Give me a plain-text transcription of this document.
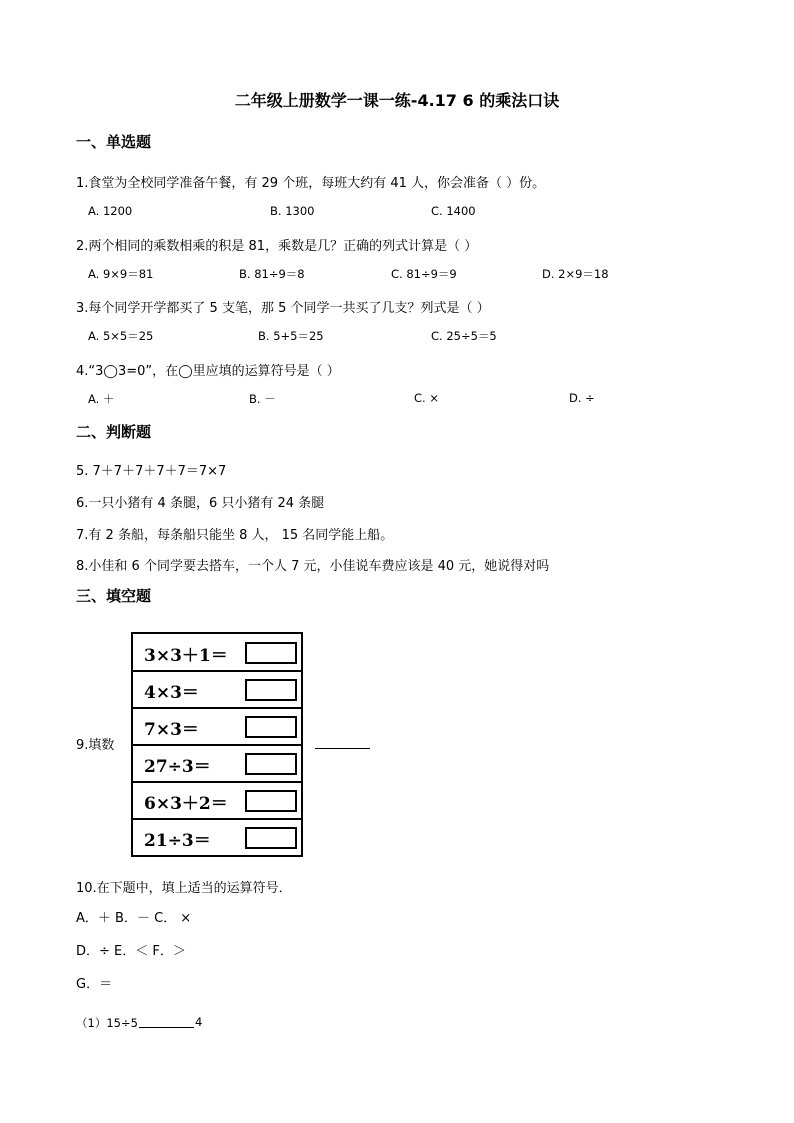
二年级上册数学一课一练-4.17 6 的乘法口诀
一、单选题
1.食堂为全校同学准备午餐，有 29 个班，每班大约有 41 人，你会准备（ ）份。
A. 1200	B. 1300	C. 1400
2.两个相同的乘数相乘的积是 81，乘数是几？正确的列式计算是（ ）
A. 9×9＝81	B. 81÷9＝8	C. 81÷9＝9	D. 2×9＝18
3.每个同学开学都买了 5 支笔，那 5 个同学一共买了几支？列式是（ ）
A. 5×5＝25	B. 5+5＝25	C. 25÷5＝5
4.“3◯3=0”，在◯里应填的运算符号是（ ）
A. ＋	B. －	C. ×	D. ÷
二、判断题
5. 7＋7＋7＋7＋7＝7×7
6.一只小猪有 4 条腿，6 只小猪有 24 条腿
7.有 2 条船，每条船只能坐 8 人， 15 名同学能上船。
8.小佳和 6 个同学要去搭车，一个人 7 元，小佳说车费应该是 40 元，她说得对吗
三、填空题
9.填数
3×3＋1＝
4×3＝
7×3＝
27÷3＝
6×3＋2＝
21÷3＝
10.在下题中，填上适当的运算符号．
A．＋ B．－ C． ×
D．÷ E．＜ F．＞
G．＝
（1）15÷5	4
